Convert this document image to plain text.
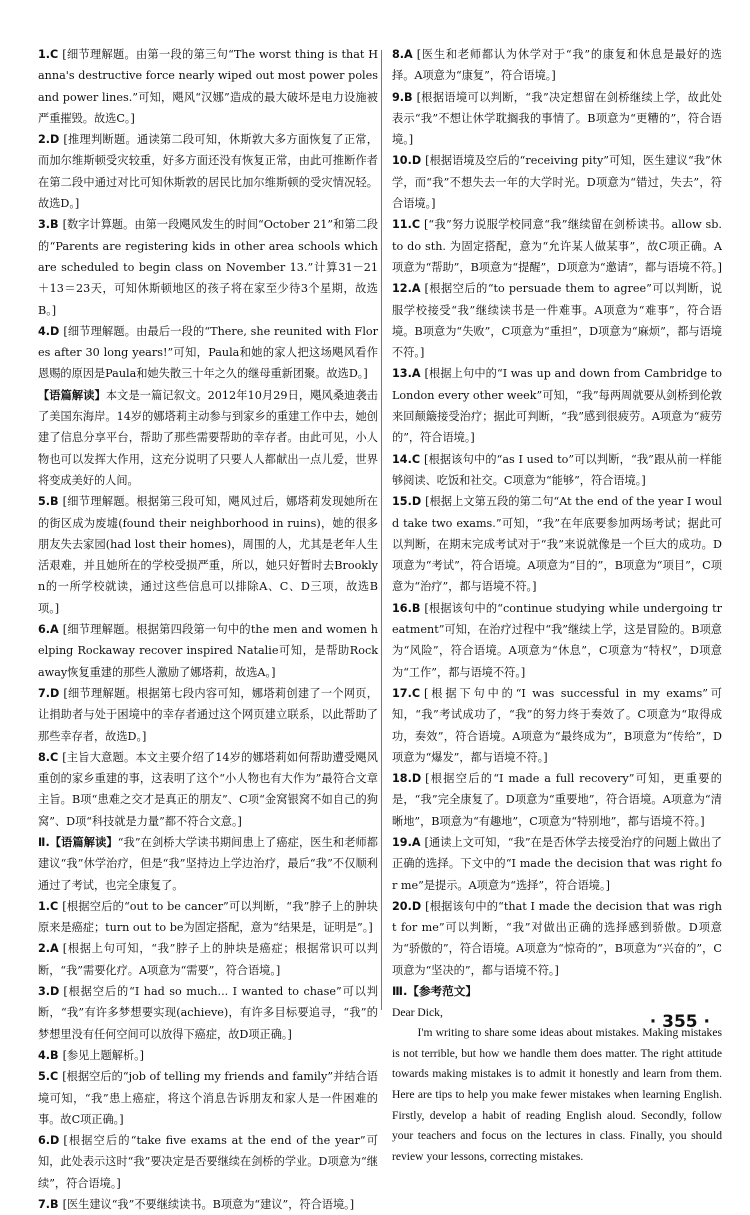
1.C [细节理解题。由第一段的第三句“The worst thing is that Hanna's destructive force nearly wiped out most power poles and power lines.”可知，飓风“汉娜”造成的最大破坏是电力设施被严重摧毁。故选C。]

2.D [推理判断题。通读第二段可知，休斯敦大多方面恢复了正常，而加尔维斯顿受灾较重，好多方面还没有恢复正常，由此可推断作者在第二段中通过对比可知休斯敦的居民比加尔维斯顿的受灾情况轻。故选D。]

3.B [数字计算题。由第一段飓风发生的时间“October 21”和第二段的“Parents are registering kids in other area schools which are scheduled to begin class on November 13.”计算31－21＋13＝23天，可知休斯顿地区的孩子将在家至少待3个星期，故选B。]

4.D [细节理解题。由最后一段的“There, she reunited with Flores after 30 long years!”可知，Paula和她的家人把这场飓风看作恩赐的原因是Paula和她失散三十年之久的继母重新团聚。故选D。]

【语篇解读】本文是一篇记叙文。2012年10月29日，飓风桑迪袭击了美国东海岸。14岁的娜塔莉主动参与到家乡的重建工作中去，她创建了信息分享平台，帮助了那些需要帮助的幸存者。由此可见，小人物也可以发挥大作用，这充分说明了只要人人都献出一点儿爱，世界将变成美好的人间。

5.B [细节理解题。根据第三段可知，飓风过后，娜塔莉发现她所在的街区成为废墟(found their neighborhood in ruins)，她的很多朋友失去家园(had lost their homes)，周围的人，尤其是老年人生活艰难，并且她所在的学校受损严重，所以，她只好暂时去Brooklyn的一所学校就读，通过这些信息可以排除A、C、D三项，故选B项。]

6.A [细节理解题。根据第四段第一句中的the men and women helping Rockaway recover inspired Natalie可知，是帮助Rockaway恢复重建的那些人激励了娜塔莉，故选A。]

7.D [细节理解题。根据第七段内容可知，娜塔莉创建了一个网页，让捐助者与处于困境中的幸存者通过这个网页建立联系，以此帮助了那些幸存者，故选D。]

8.C [主旨大意题。本文主要介绍了14岁的娜塔莉如何帮助遭受飓风重创的家乡重建的事，这表明了这个“小人物也有大作为”最符合文章主旨。B项“患难之交才是真正的朋友”、C项“金窝银窝不如自己的狗窝”、D项“科技就是力量”都不符合文意。]

Ⅱ.【语篇解读】“我”在剑桥大学读书期间患上了癌症，医生和老师都建议“我”休学治疗，但是“我”坚持边上学边治疗，最后“我”不仅顺利通过了考试，也完全康复了。

1.C [根据空后的“out to be cancer”可以判断，“我”脖子上的肿块原来是癌症；turn out to be为固定搭配，意为“结果是，证明是”。]

2.A [根据上句可知，“我”脖子上的肿块是癌症；根据常识可以判断，“我”需要化疗。A项意为“需要”，符合语境。]

3.D [根据空后的“I had so much... I wanted to chase”可以判断，“我”有许多梦想要实现(achieve)，有许多目标要追寻，“我”的梦想里没有任何空间可以放得下癌症，故D项正确。]

4.B [参见上题解析。]

5.C [根据空后的“job of telling my friends and family”并结合语境可知，“我”患上癌症，将这个消息告诉朋友和家人是一件困难的事。故C项正确。]

6.D [根据空后的“take five exams at the end of the year”可知，此处表示这时“我”要决定是否要继续在剑桥的学业。D项意为“继续”，符合语境。]

7.B [医生建议“我”不要继续读书。B项意为“建议”，符合语境。]

8.A [医生和老师都认为休学对于“我”的康复和休息是最好的选择。A项意为“康复”，符合语境。]

9.B [根据语境可以判断，“我”决定想留在剑桥继续上学，故此处表示“我”不想让休学耽搁我的事情了。B项意为“更糟的”，符合语境。]

10.D [根据语境及空后的“receiving pity”可知，医生建议“我”休学，而“我”不想失去一年的大学时光。D项意为“错过，失去”，符合语境。]

11.C [“我”努力说服学校同意“我”继续留在剑桥读书。allow sb. to do sth. 为固定搭配，意为“允许某人做某事”，故C项正确。A项意为“帮助”，B项意为“提醒”，D项意为“邀请”，都与语境不符。]

12.A [根据空后的“to persuade them to agree”可以判断，说服学校接受“我”继续读书是一件难事。A项意为“难事”，符合语境。B项意为“失败”，C项意为“重担”，D项意为“麻烦”，都与语境不符。]

13.A [根据上句中的“I was up and down from Cambridge to London every other week”可知，“我”每两周就要从剑桥到伦敦来回颠簸接受治疗；据此可判断，“我”感到很疲劳。A项意为“疲劳的”，符合语境。]

14.C [根据该句中的“as I used to”可以判断，“我”跟从前一样能够阅读、吃饭和社交。C项意为“能够”，符合语境。]

15.D [根据上文第五段的第二句“At the end of the year I would take two exams.”可知，“我”在年底要参加两场考试；据此可以判断，在期末完成考试对于“我”来说就像是一个巨大的成功。D项意为“考试”，符合语境。A项意为“目的”，B项意为“项目”，C项意为“治疗”，都与语境不符。]

16.B [根据该句中的“continue studying while undergoing treatment”可知，在治疗过程中“我”继续上学，这是冒险的。B项意为“风险”，符合语境。A项意为“休息”，C项意为“特权”，D项意为“工作”，都与语境不符。]

17.C [根据下句中的“I was successful in my exams”可知，“我”考试成功了，“我”的努力终于奏效了。C项意为“取得成功，奏效”，符合语境。A项意为“最终成为”，B项意为“传给”，D项意为“爆发”，都与语境不符。]

18.D [根据空后的“I made a full recovery”可知，更重要的是，“我”完全康复了。D项意为“重要地”，符合语境。A项意为“清晰地”，B项意为“有趣地”，C项意为“特别地”，都与语境不符。]

19.A [通读上文可知，“我”在是否休学去接受治疗的问题上做出了正确的选择。下文中的“I made the decision that was right for me”是提示。A项意为“选择”，符合语境。]

20.D [根据该句中的“that I made the decision that was right for me”可以判断，“我”对做出正确的选择感到骄傲。D项意为“骄傲的”，符合语境。A项意为“惊奇的”，B项意为“兴奋的”，C项意为“坚决的”，都与语境不符。]

Ⅲ.【参考范文】
Dear Dick,
I'm writing to share some ideas about mistakes. Making mistakes is not terrible, but how we handle them does matter. The right attitude towards making mistakes is to admit it honestly and learn from them. Here are tips to help you make fewer mistakes when learning English. Firstly, develop a habit of reading English aloud. Secondly, follow your teachers and focus on the lectures in class. Finally, you should review your lessons, correcting mistakes.
· 355 ·
